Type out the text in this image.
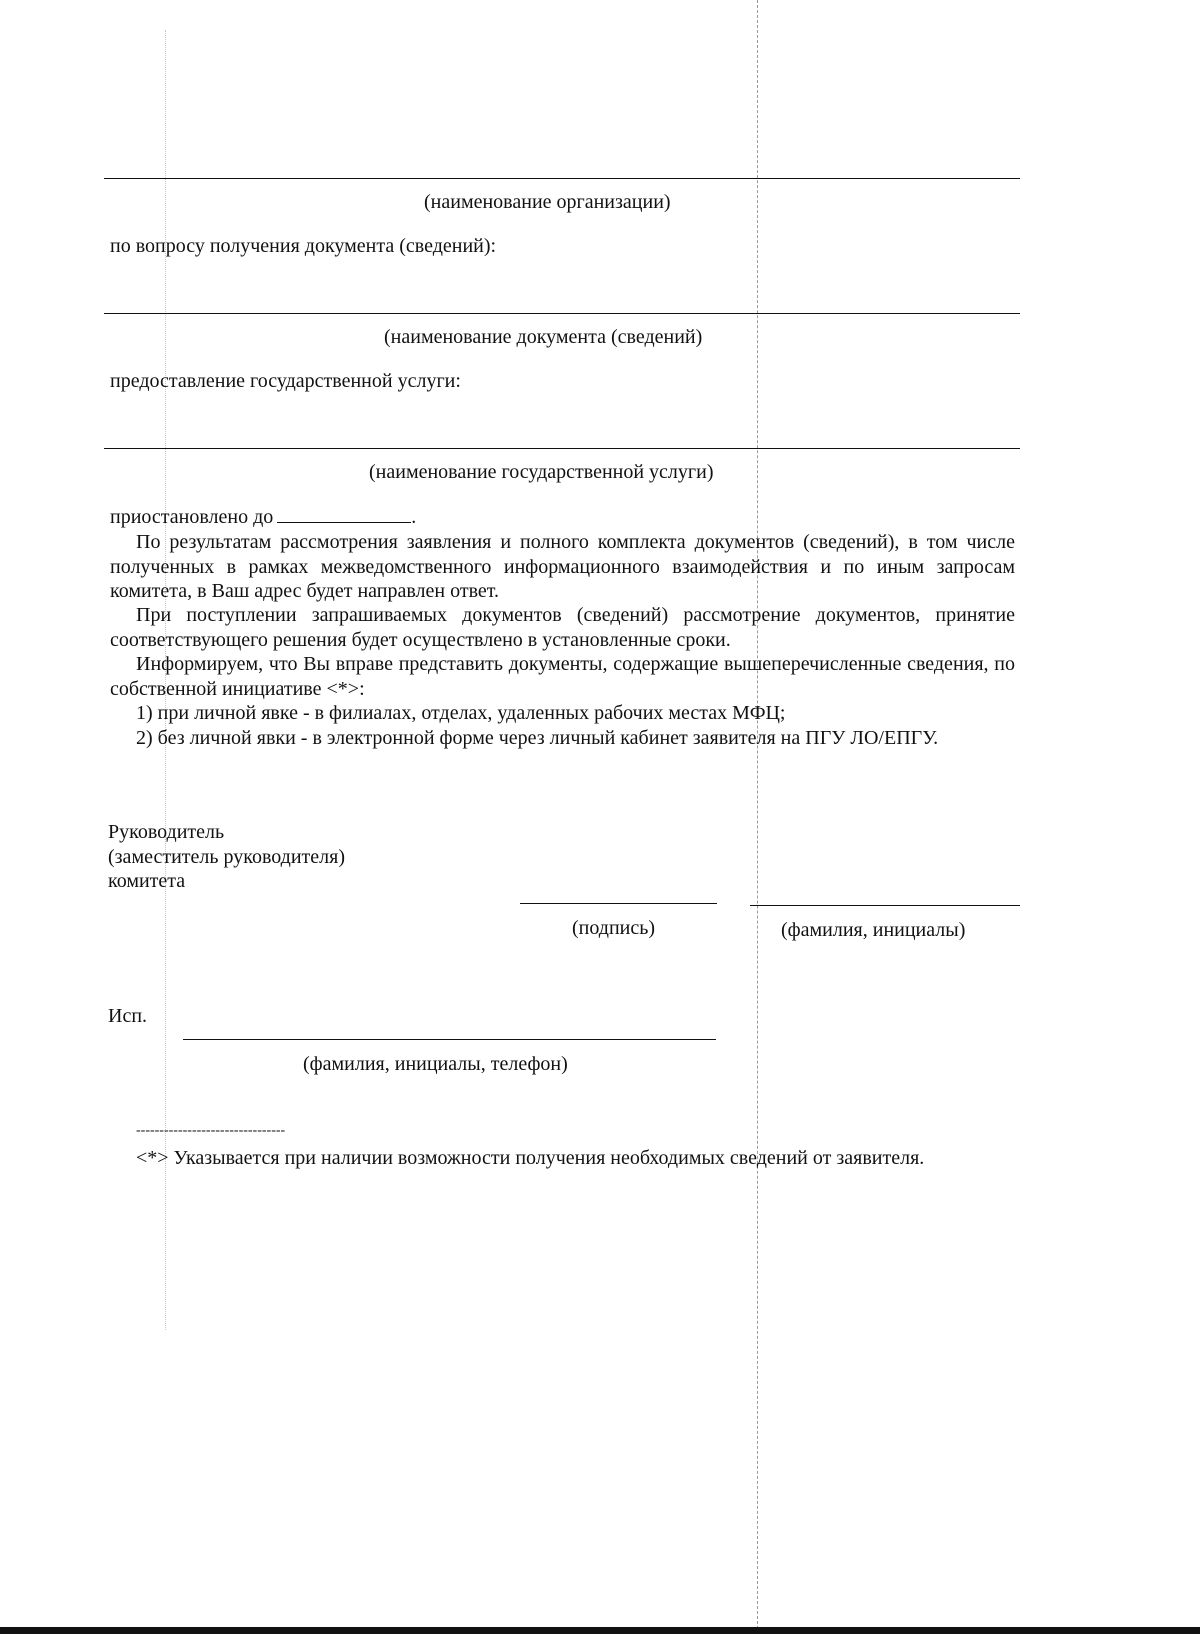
(наименование организации)
по вопросу получения документа (сведений):
(наименование документа (сведений)
предоставление государственной услуги:
(наименование государственной услуги)
приостановлено до	.
По результатам рассмотрения заявления и полного комплекта документов (сведений), в том числе полученных в рамках межведомственного информационного взаимодействия и по иным запросам комитета, в Ваш адрес будет направлен ответ.
При поступлении запрашиваемых документов (сведений) рассмотрение документов, принятие соответствующего решения будет осуществлено в установленные сроки.
Информируем, что Вы вправе представить документы, содержащие вышеперечисленные сведения, по собственной инициативе <*>:
1) при личной явке - в филиалах, отделах, удаленных рабочих местах МФЦ;
2) без личной явки - в электронной форме через личный кабинет заявителя на ПГУ ЛО/ЕПГУ.
Руководитель
(заместитель руководителя)
комитета
(подпись)	(фамилия, инициалы)
Исп.
(фамилия, инициалы, телефон)
--------------------------------
<*> Указывается при наличии возможности получения необходимых сведений от заявителя.
